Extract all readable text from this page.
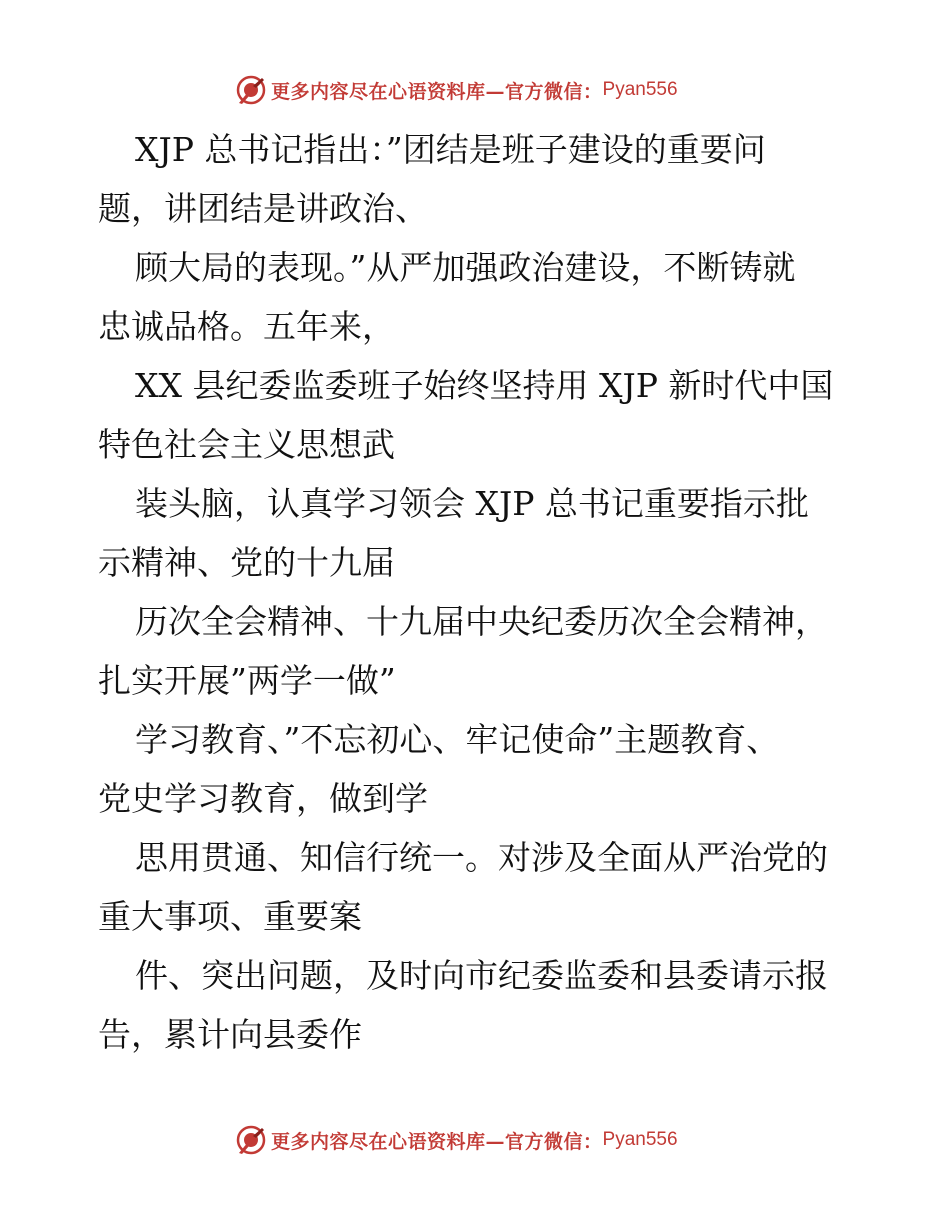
更多内容尽在心语资料库—官方微信： Pyan556
XJP 总书记指出：”团结是班子建设的重要问
题，讲团结是讲政治、
顾大局的表现。”从严加强政治建设，不断铸就
忠诚品格。五年来，
XX 县纪委监委班子始终坚持用 XJP 新时代中国
特色社会主义思想武
装头脑，认真学习领会 XJP 总书记重要指示批
示精神、党的十九届
历次全会精神、十九届中央纪委历次全会精神，
扎实开展”两学一做”
学习教育、”不忘初心、牢记使命”主题教育、
党史学习教育，做到学
思用贯通、知信行统一。对涉及全面从严治党的
重大事项、重要案
件、突出问题，及时向市纪委监委和县委请示报
告，累计向县委作
更多内容尽在心语资料库—官方微信： Pyan556
